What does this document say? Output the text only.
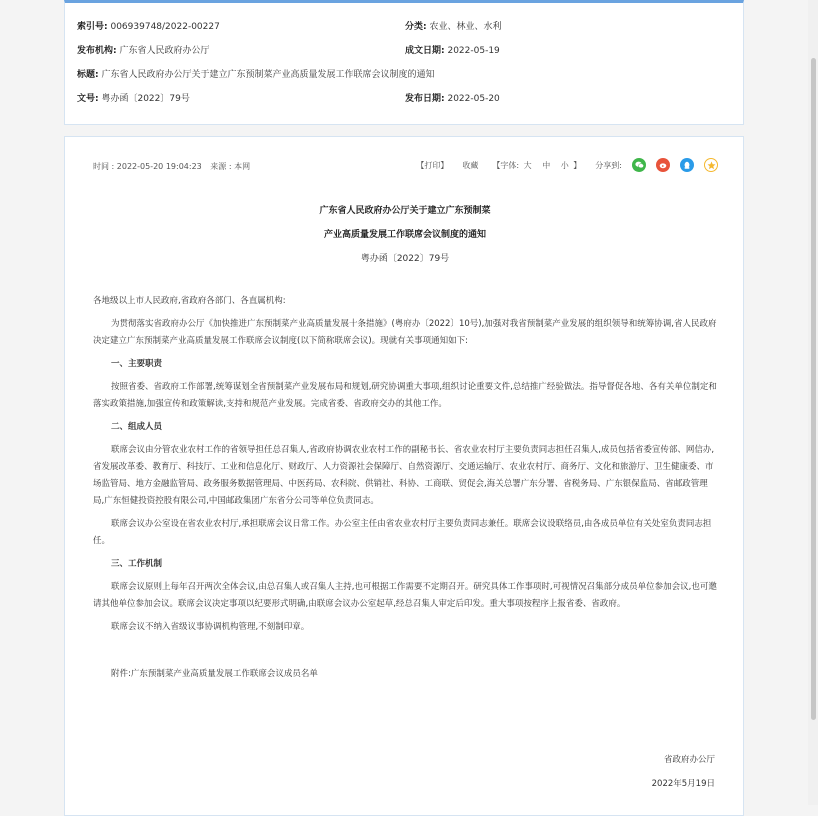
索引号: 006939748/2022-00227	分类: 农业、林业、水利
发布机构: 广东省人民政府办公厅	成文日期: 2022-05-19
标题: 广东省人民政府办公厅关于建立广东预制菜产业高质量发展工作联席会议制度的通知
文号: 粤办函〔2022〕79号	发布日期: 2022-05-20
时间 : 2022-05-20 19:04:23 来源 : 本网	【打印】 收藏 【字体: 大 中 小 】 分享到:
广东省人民政府办公厅关于建立广东预制菜
产业高质量发展工作联席会议制度的通知
粤办函〔2022〕79号

各地级以上市人民政府,省政府各部门、各直属机构:

为贯彻落实省政府办公厅《加快推进广东预制菜产业高质量发展十条措施》(粤府办〔2022〕10号),加强对我省预制菜产业发展的组织领导和统筹协调,省人民政府决定建立广东预制菜产业高质量发展工作联席会议制度(以下简称联席会议)。现就有关事项通知如下:

一、主要职责

按照省委、省政府工作部署,统筹谋划全省预制菜产业发展布局和规划,研究协调重大事项,组织讨论重要文件,总结推广经验做法。指导督促各地、各有关单位制定和落实政策措施,加强宣传和政策解读,支持和规范产业发展。完成省委、省政府交办的其他工作。

二、组成人员

联席会议由分管农业农村工作的省领导担任总召集人,省政府协调农业农村工作的副秘书长、省农业农村厅主要负责同志担任召集人,成员包括省委宣传部、网信办,省发展改革委、教育厅、科技厅、工业和信息化厅、财政厅、人力资源社会保障厅、自然资源厅、交通运输厅、农业农村厅、商务厅、文化和旅游厅、卫生健康委、市场监管局、地方金融监管局、政务服务数据管理局、中医药局、农科院、供销社、科协、工商联、贸促会,海关总署广东分署、省税务局、广东银保监局、省邮政管理局,广东恒健投资控股有限公司,中国邮政集团广东省分公司等单位负责同志。

联席会议办公室设在省农业农村厅,承担联席会议日常工作。办公室主任由省农业农村厅主要负责同志兼任。联席会议设联络员,由各成员单位有关处室负责同志担任。

三、工作机制

联席会议原则上每年召开两次全体会议,由总召集人或召集人主持,也可根据工作需要不定期召开。研究具体工作事项时,可视情况召集部分成员单位参加会议,也可邀请其他单位参加会议。联席会议决定事项以纪要形式明确,由联席会议办公室起草,经总召集人审定后印发。重大事项按程序上报省委、省政府。

联席会议不纳入省级议事协调机构管理,不刻制印章。

附件:广东预制菜产业高质量发展工作联席会议成员名单

省政府办公厅
2022年5月19日
